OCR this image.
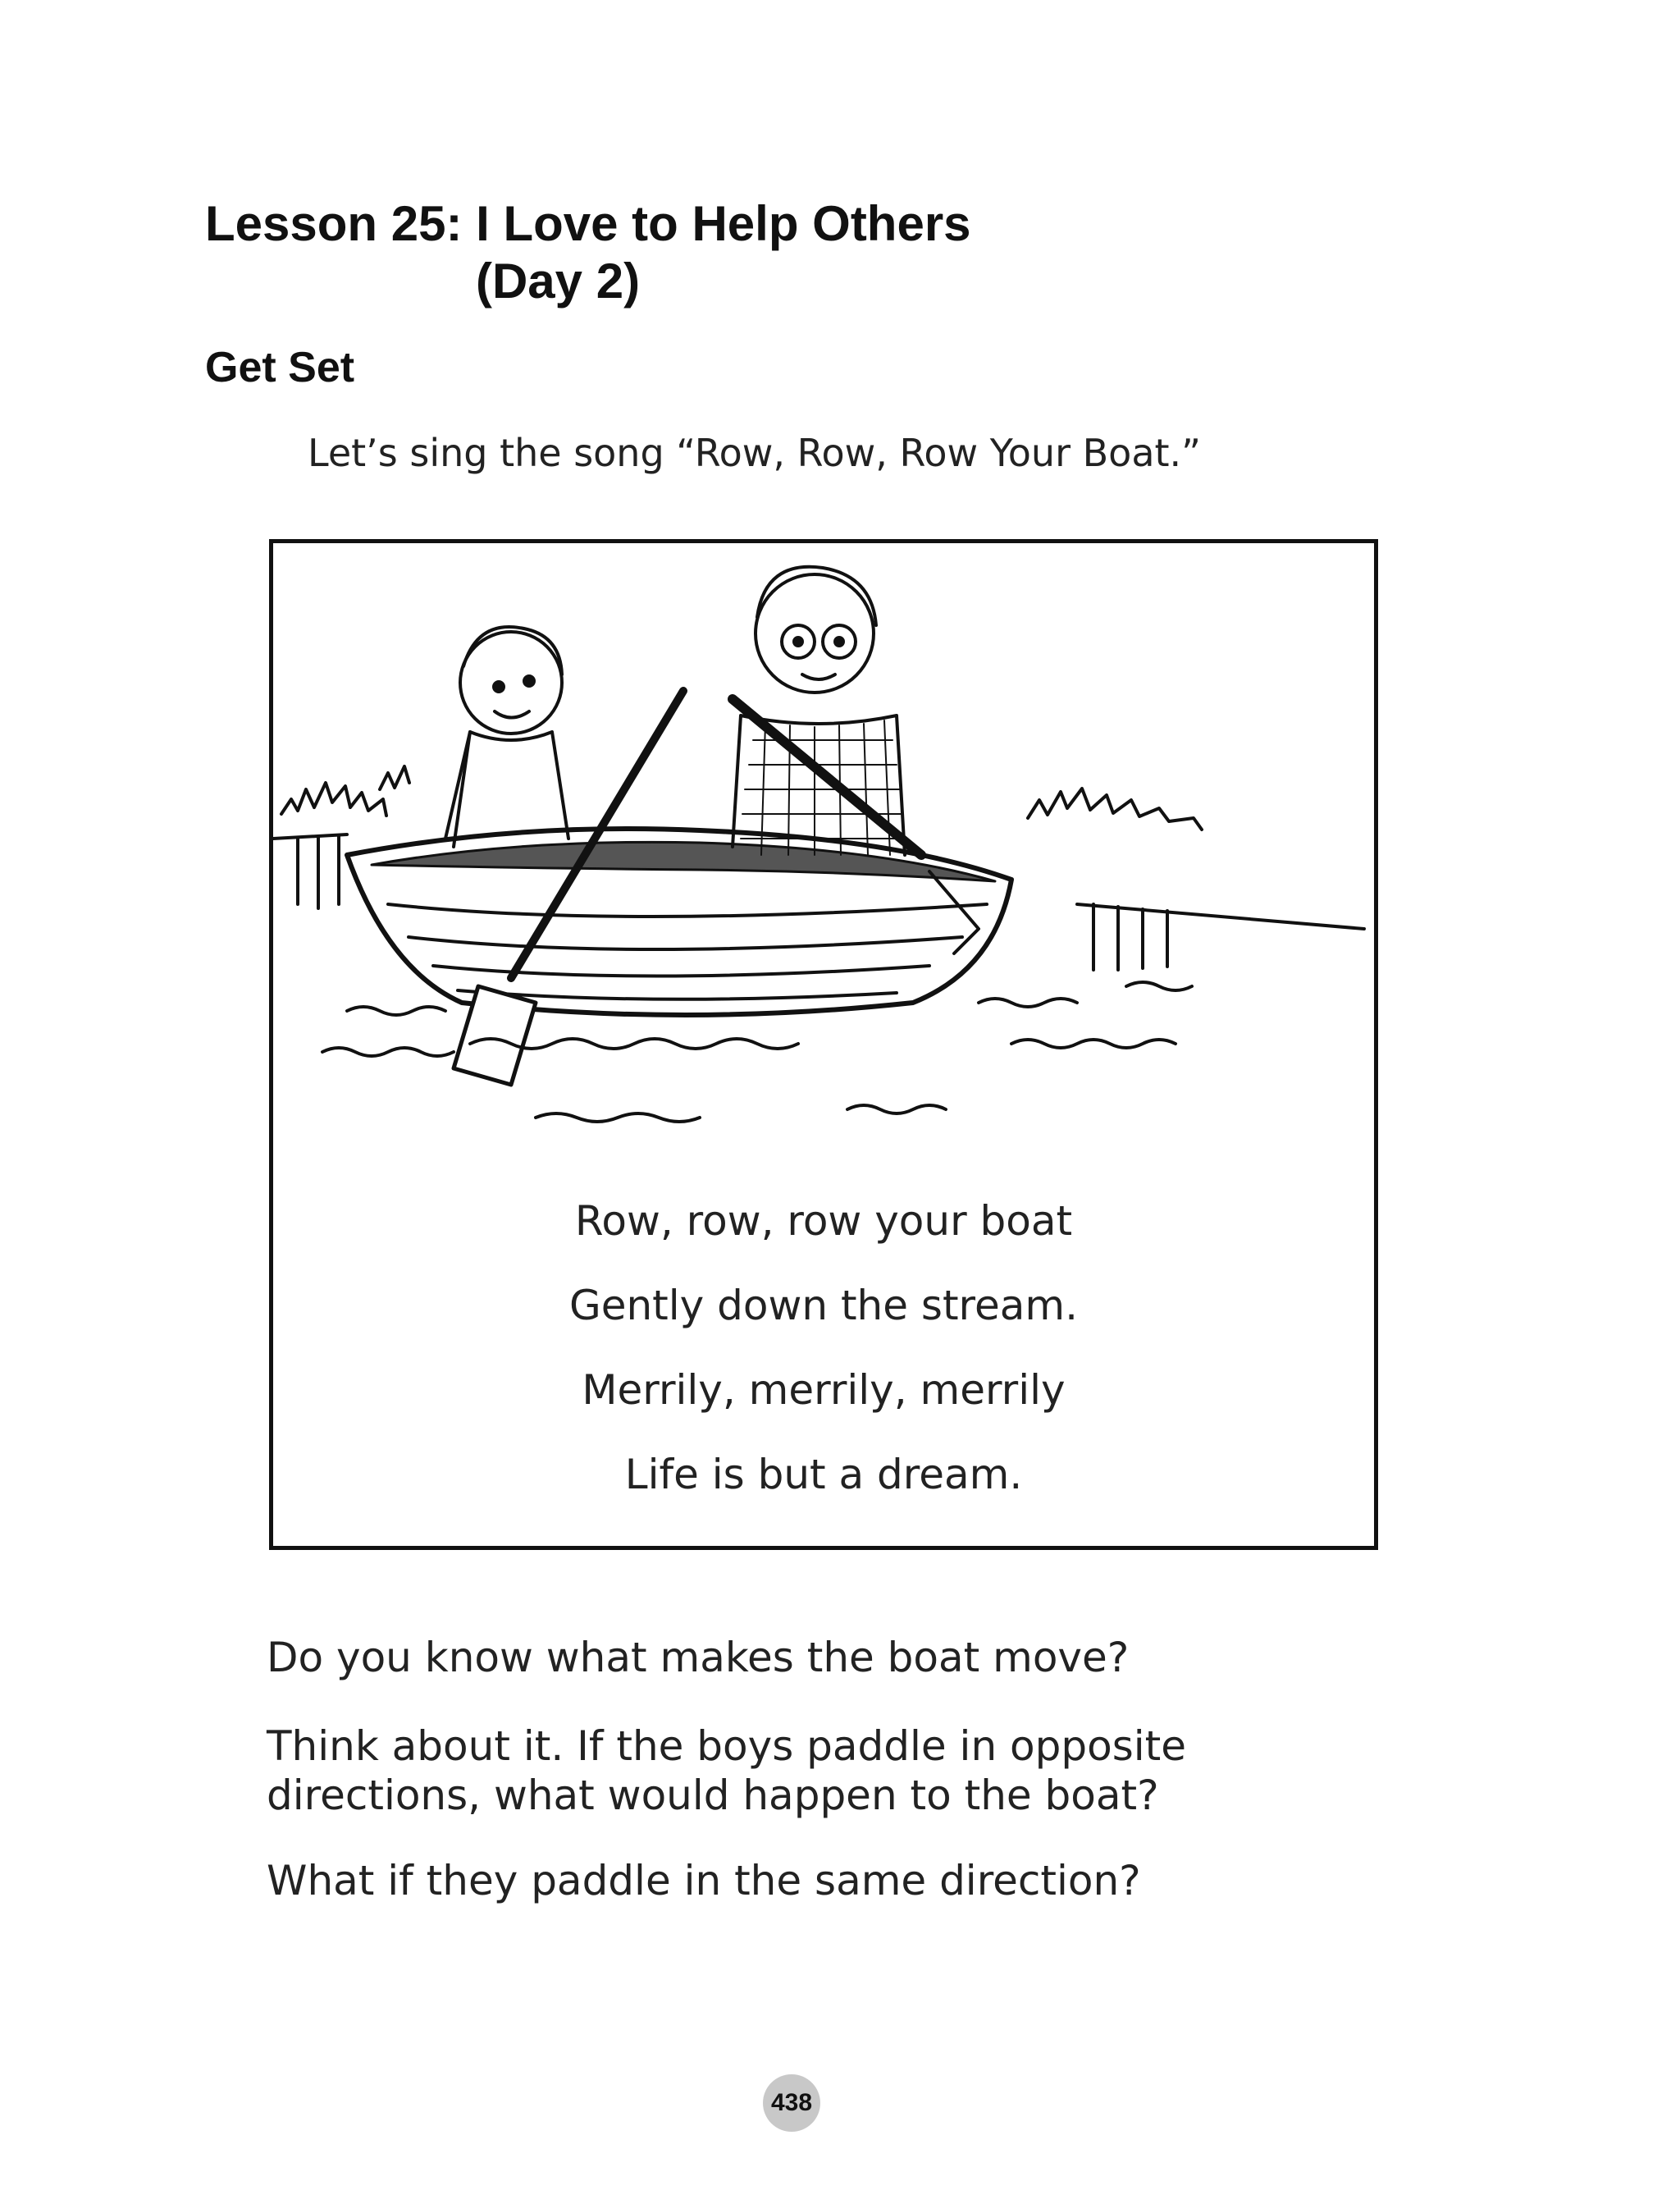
Lesson 25: I Love to Help Others
(Day 2)
Get Set
Let’s sing the song “Row, Row, Row Your Boat.”
Row, row, row your boat
Gently down the stream.
Merrily, merrily, merrily
Life is but a dream.
Do you know what makes the boat move?
Think about it. If the boys paddle in opposite
directions, what would happen to the boat?
What if they paddle in the same direction?
438
